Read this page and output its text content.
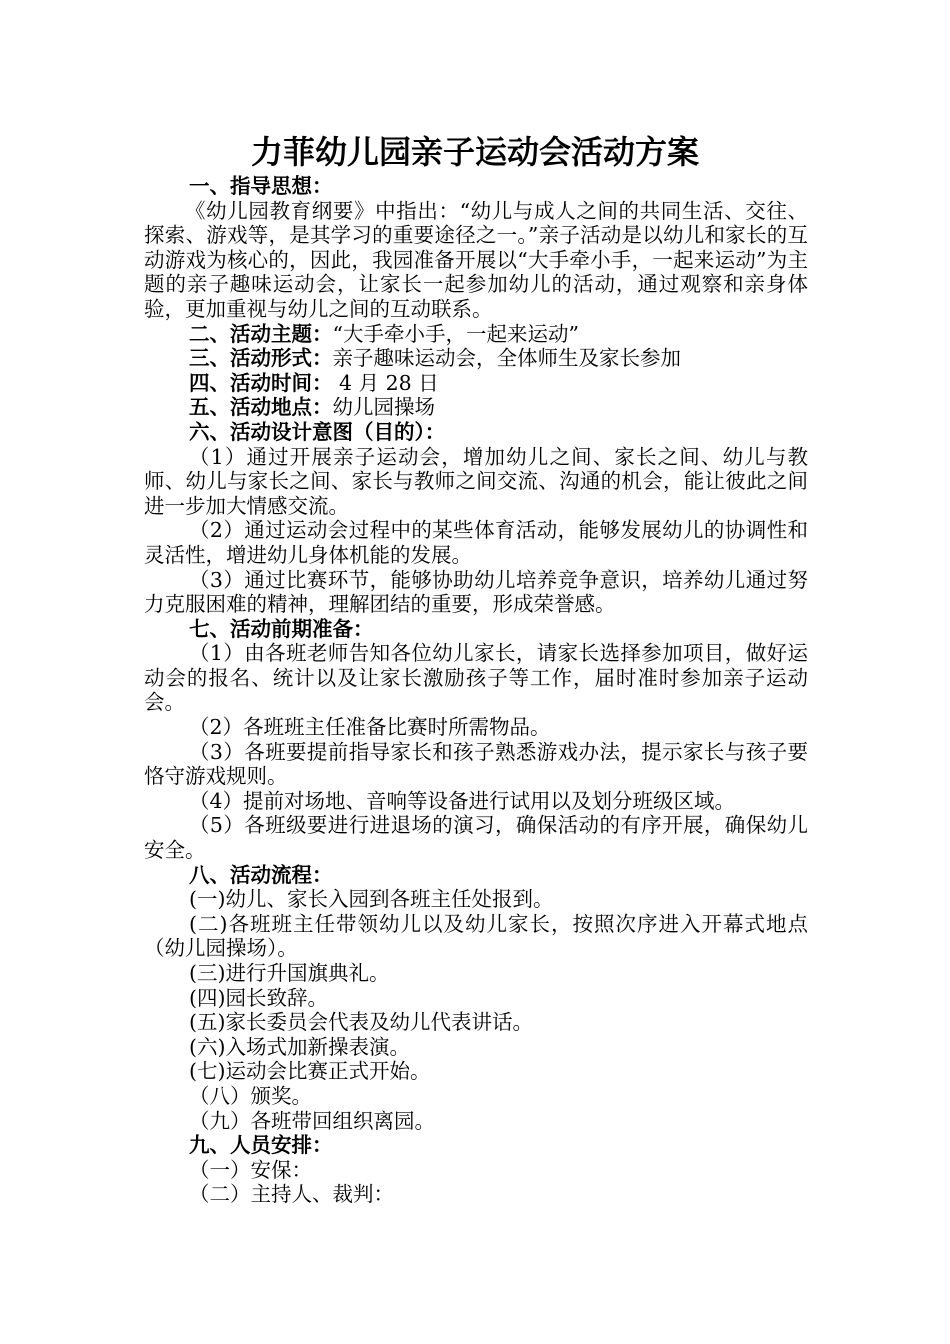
力菲幼儿园亲子运动会活动方案

一、指导思想：

《幼儿园教育纲要》中指出：“幼儿与成人之间的共同生活、交往、探索、游戏等，是其学习的重要途径之一。”亲子活动是以幼儿和家长的互动游戏为核心的，因此，我园准备开展以“大手牵小手，一起来运动”为主题的亲子趣味运动会，让家长一起参加幼儿的活动，通过观察和亲身体验，更加重视与幼儿之间的互动联系。

二、活动主题：“大手牵小手，一起来运动”

三、活动形式：亲子趣味运动会，全体师生及家长参加

四、活动时间： 4 月 28 日

五、活动地点：幼儿园操场

六、活动设计意图（目的）：

（1）通过开展亲子运动会，增加幼儿之间、家长之间、幼儿与教师、幼儿与家长之间、家长与教师之间交流、沟通的机会，能让彼此之间进一步加大情感交流。

（2）通过运动会过程中的某些体育活动，能够发展幼儿的协调性和灵活性，增进幼儿身体机能的发展。

（3）通过比赛环节，能够协助幼儿培养竞争意识，培养幼儿通过努力克服困难的精神，理解团结的重要，形成荣誉感。

七、活动前期准备：

（1）由各班老师告知各位幼儿家长，请家长选择参加项目，做好运动会的报名、统计以及让家长激励孩子等工作，届时准时参加亲子运动会。

（2）各班班主任准备比赛时所需物品。

（3）各班要提前指导家长和孩子熟悉游戏办法，提示家长与孩子要恪守游戏规则。

（4）提前对场地、音响等设备进行试用以及划分班级区域。

（5）各班级要进行进退场的演习，确保活动的有序开展，确保幼儿安全。

八、活动流程：

(一)幼儿、家长入园到各班主任处报到。

(二)各班班主任带领幼儿以及幼儿家长，按照次序进入开幕式地点（幼儿园操场）。

(三)进行升国旗典礼。

(四)园长致辞。

(五)家长委员会代表及幼儿代表讲话。

(六)入场式加新操表演。

(七)运动会比赛正式开始。

（八）颁奖。

（九）各班带回组织离园。

九、人员安排：

（一）安保：

（二）主持人、裁判：
